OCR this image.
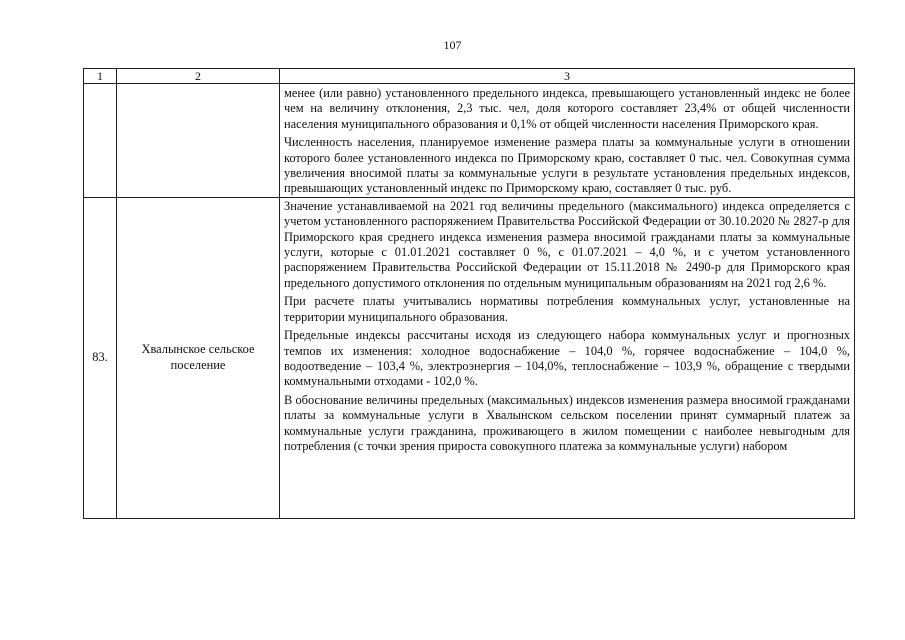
107
1	2	3

		менее (или равно) установленного предельного индекса, превышающего установленный индекс не более чем на величину отклонения, 2,3 тыс. чел, доля которого составляет 23,4% от общей численности населения муниципального образования и 0,1% от общей численности населения Приморского края.

Численность населения, планируемое изменение размера платы за коммунальные услуги в отношении которого более установленного индекса по Приморскому краю, составляет 0 тыс. чел. Совокупная сумма увеличения вносимой платы за коммунальные услуги в результате установления предельных индексов, превышающих установленный индекс по Приморскому краю, составляет 0 тыс. руб.

83.	Хвалынское сельское поселение	Значение устанавливаемой на 2021 год величины предельного (максимального) индекса определяется с учетом установленного распоряжением Правительства Российской Федерации от 30.10.2020 № 2827-р для Приморского края среднего индекса изменения размера вносимой гражданами платы за коммунальные услуги, которые с 01.01.2021 составляет 0 %, с 01.07.2021 – 4,0 %, и с учетом установленного распоряжением Правительства Российской Федерации от 15.11.2018 № 2490-р для Приморского края предельного допустимого отклонения по отдельным муниципальным образованиям на 2021 год 2,6 %.

При расчете платы учитывались нормативы потребления коммунальных услуг, установленные на территории муниципального образования.

Предельные индексы рассчитаны исходя из следующего набора коммунальных услуг и прогнозных темпов их изменения: холодное водоснабжение – 104,0 %, горячее водоснабжение – 104,0 %, водоотведение – 103,4 %, электроэнергия – 104,0%, теплоснабжение – 103,9 %, обращение с твердыми коммунальными отходами - 102,0 %.

В обоснование величины предельных (максимальных) индексов изменения размера вносимой гражданами платы за коммунальные услуги в Хвалынском сельском поселении принят суммарный платеж за коммунальные услуги гражданина, проживающего в жилом помещении с наиболее невыгодным для потребления (с точки зрения прироста совокупного платежа за коммунальные услуги) набором
